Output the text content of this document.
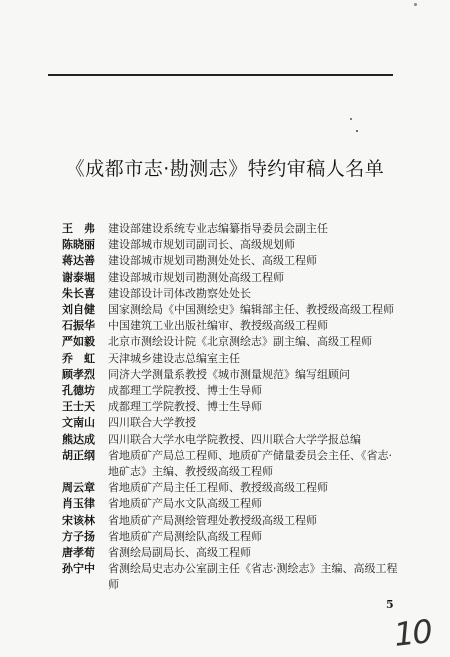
《成都市志·勘测志》特约审稿人名单
王　弗	建设部建设系统专业志编纂指导委员会副主任
陈晓丽	建设部城市规划司副司长、高级规划师
蒋达善	建设部城市规划司勘测处处长、高级工程师
谢泰堀	建设部城市规划司勘测处高级工程师
朱长喜	建设部设计司体改勘察处处长
刘自健	国家测绘局《中国测绘史》编辑部主任、教授级高级工程师
石振华	中国建筑工业出版社编审、教授级高级工程师
严如毅	北京市测绘设计院《北京测绘志》副主编、高级工程师
乔　虹	天津城乡建设志总编室主任
顾孝烈	同济大学测量系教授《城市测量规范》编写组顾问
孔德坊	成都理工学院教授、博士生导师
王士天	成都理工学院教授、博士生导师
文南山	四川联合大学教授
熊达成	四川联合大学水电学院教授、四川联合大学学报总编
胡正纲	省地质矿产局总工程师、地质矿产储量委员会主任、《省志·地矿志》主编、教授级高级工程师
周云章	省地质矿产局主任工程师、教授级高级工程师
肖玉律	省地质矿产局水文队高级工程师
宋该林	省地质矿产局测绘管理处教授级高级工程师
方子扬	省地质矿产局测绘队高级工程师
唐孝荀	省测绘局副局长、高级工程师
孙宁中	省测绘局史志办公室副主任《省志·测绘志》主编、高级工程师
5
10
